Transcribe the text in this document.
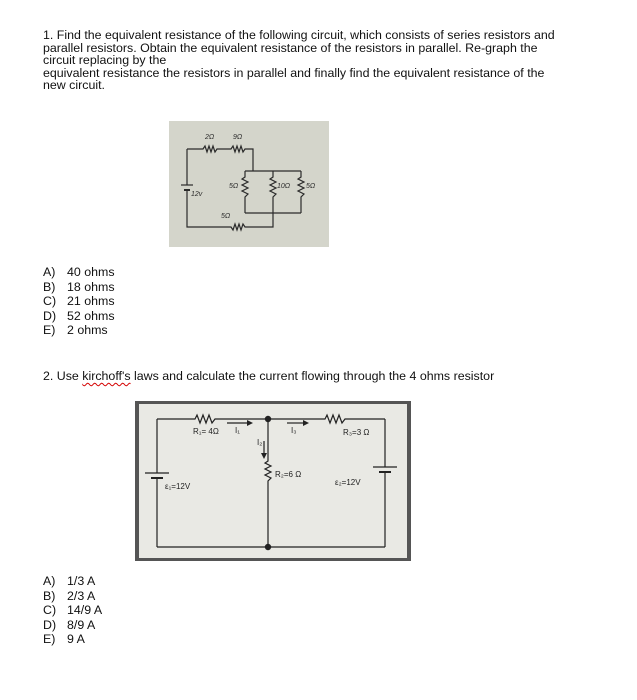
1. Find the equivalent resistance of the following circuit, which consists of series resistors and
parallel resistors. Obtain the equivalent resistance of the resistors in parallel. Re-graph the
circuit replacing by the
equivalent resistance the resistors in parallel and finally find the equivalent resistance of the
new circuit.
2Ω	9Ω
12v
5Ω	10Ω 5Ω
5Ω
A) 40 ohms
B) 18 ohms
C) 21 ohms
D) 52 ohms
E) 2 ohms
2. Use kirchoff's laws and calculate the current flowing through the 4 ohms resistor
R₁= 4Ω	R₃=3 Ω
R₂=6 Ω
I₁
I₂
I₃
ε₁=12V	ε₂=12V
A) 1/3 A
B) 2/3 A
C) 14/9 A
D) 8/9 A
E) 9 A
